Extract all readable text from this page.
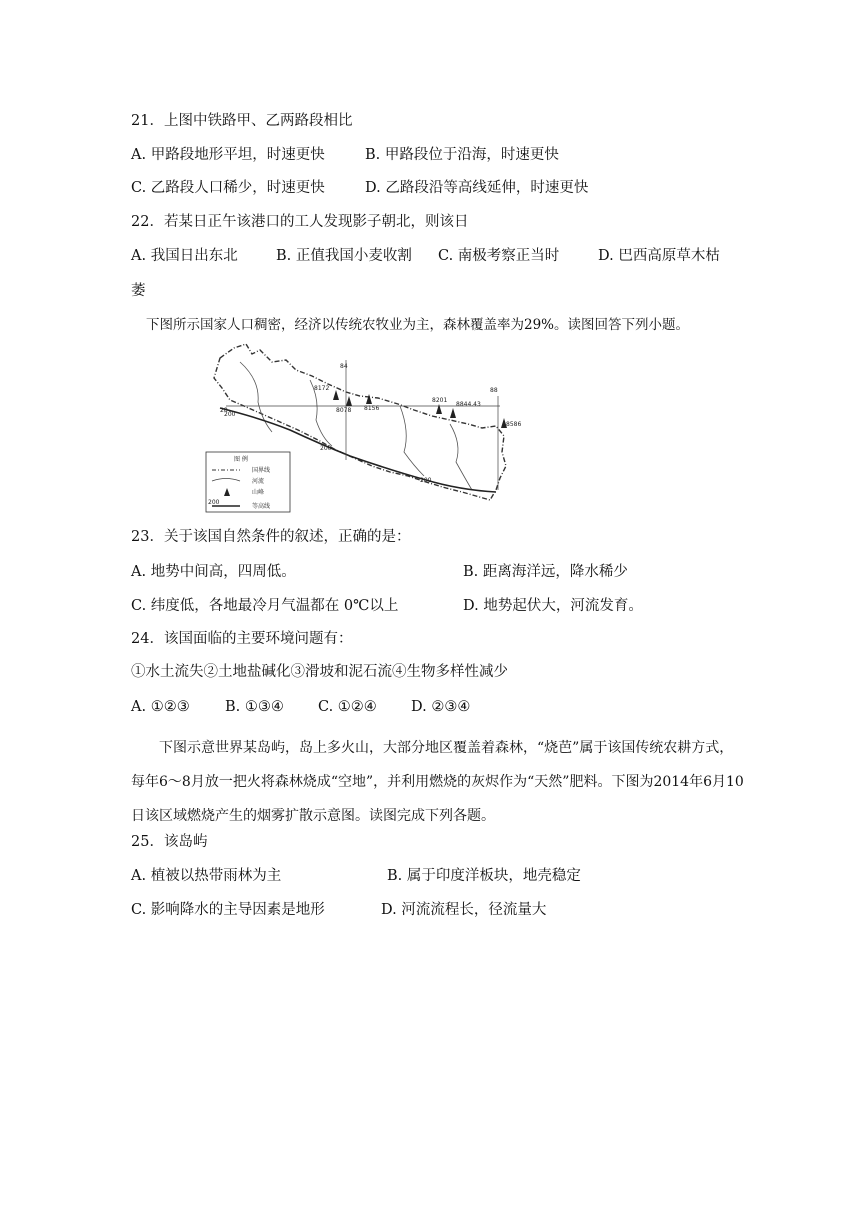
21．上图中铁路甲、乙两路段相比
A. 甲路段地形平坦，时速更快	B. 甲路段位于沿海，时速更快
C. 乙路段人口稀少，时速更快	D. 乙路段沿等高线延伸，时速更快
22．若某日正午该港口的工人发现影子朝北，则该日
A. 我国日出东北	B. 正值我国小麦收割 C. 南极考察正当时	D. 巴西高原草木枯
萎
下图所示国家人口稠密，经济以传统农牧业为主，森林覆盖率为29%。读图回答下列小题。
200
200
200
84
88
28
8172
8078 8156
8201
8844.43
8586
图 例
国界线
河流
山峰
200
等高线
23．关于该国自然条件的叙述，正确的是：
A. 地势中间高，四周低。	B. 距离海洋远，降水稀少
C. 纬度低，各地最冷月气温都在 0℃以上	D. 地势起伏大，河流发育。
24．该国面临的主要环境问题有：
①水土流失②土地盐碱化③滑坡和泥石流④生物多样性减少
A. ①②③ B. ①③④ C. ①②④ D. ②③④
下图示意世界某岛屿，岛上多火山，大部分地区覆盖着森林，“烧芭”属于该国传统农耕方式，每年6～8月放一把火将森林烧成“空地”，并利用燃烧的灰烬作为“天然”肥料。下图为2014年6月10日该区域燃烧产生的烟雾扩散示意图。读图完成下列各题。
25．该岛屿
A. 植被以热带雨林为主	B. 属于印度洋板块，地壳稳定
C. 影响降水的主导因素是地形	D. 河流流程长，径流量大
